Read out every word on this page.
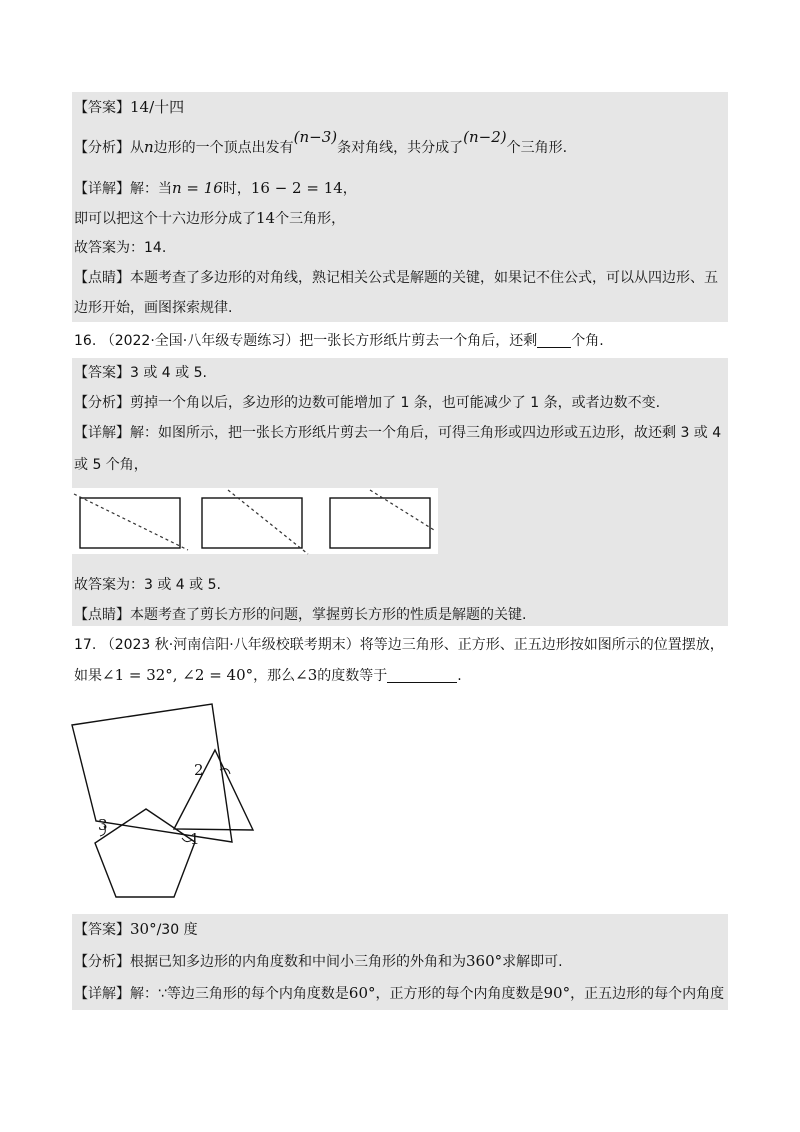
【答案】14/十四
【分析】从n边形的一个顶点出发有(n−3)条对角线，共分成了(n−2)个三角形.
【详解】解：当n = 16时，16 − 2 = 14，
即可以把这个十六边形分成了14个三角形，
故答案为：14.
【点睛】本题考查了多边形的对角线，熟记相关公式是解题的关键，如果记不住公式，可以从四边形、五
边形开始，画图探索规律.
16. （2022·全国·八年级专题练习）把一张长方形纸片剪去一个角后，还剩 个角.
【答案】3 或 4 或 5.
【分析】剪掉一个角以后，多边形的边数可能增加了 1 条，也可能减少了 1 条，或者边数不变.
【详解】解：如图所示，把一张长方形纸片剪去一个角后，可得三角形或四边形或五边形，故还剩 3 或 4
或 5 个角，
故答案为：3 或 4 或 5.
【点睛】本题考查了剪长方形的问题，掌握剪长方形的性质是解题的关键.
17. （2023 秋·河南信阳·八年级校联考期末）将等边三角形、正方形、正五边形按如图所示的位置摆放，
如果∠1 = 32°, ∠2 = 40°，那么∠3的度数等于	.
2
1
3
【答案】30°/30 度
【分析】根据已知多边形的内角度数和中间小三角形的外角和为360°求解即可.
【详解】解：∵等边三角形的每个内角度数是60°，正方形的每个内角度数是90°，正五边形的每个内角度
